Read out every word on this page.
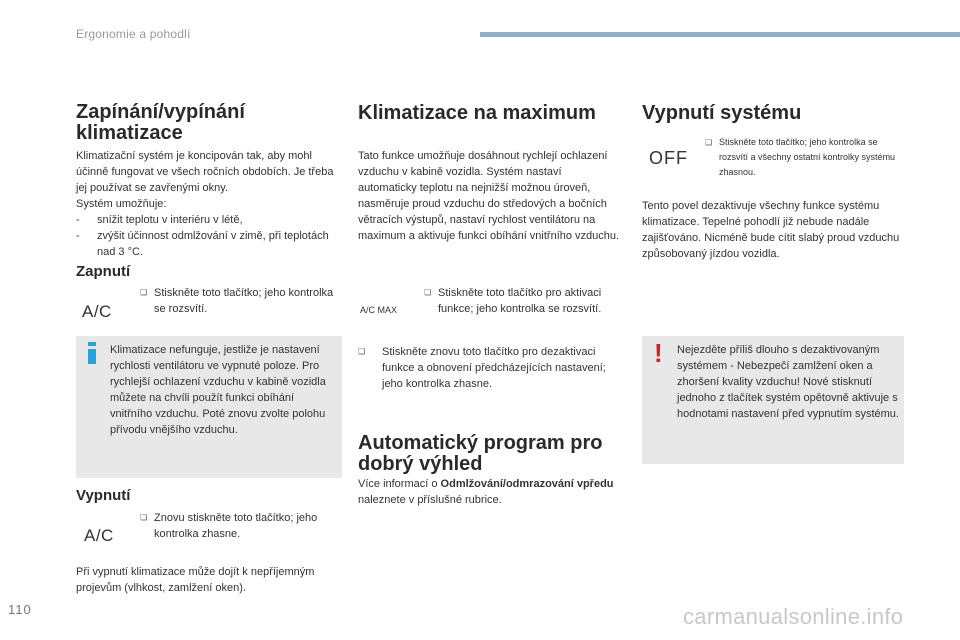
Ergonomie a pohodlí
Zapínání/vypínání klimatizace

Klimatizační systém je koncipován tak, aby mohl účinně fungovat ve všech ročních obdobích. Je třeba jej používat se zavřenými okny.

Systém umožňuje:

-	snížit teplotu v interiéru v létě,
-	zvýšit účinnost odmlžování v zimě, při teplotách nad 3 °C.
Zapnutí
A/C
❏ Stiskněte toto tlačítko; jeho kontrolka se rozsvítí.

Klimatizace nefunguje, jestliže je nastavení rychlosti ventilátoru ve vypnuté poloze. Pro rychlejší ochlazení vzduchu v kabině vozidla můžete na chvíli použít funkci obíhání vnitřního vzduchu. Poté znovu zvolte polohu přívodu vnějšího vzduchu.

Vypnutí
A/C
❏ Znovu stiskněte toto tlačítko; jeho kontrolka zhasne.

Při vypnutí klimatizace může dojít k nepříjemným projevům (vlhkost, zamlžení oken).

Klimatizace na maximum

Tato funkce umožňuje dosáhnout rychlejí ochlazení vzduchu v kabině vozidla. Systém nastaví automaticky teplotu na nejnižší možnou úroveň, nasměruje proud vzduchu do středových a bočních větracích výstupů, nastaví rychlost ventilátoru na maximum a aktivuje funkci obíhání vnitřního vzduchu.

A/C MAX
❏ Stiskněte toto tlačítko pro aktivaci funkce; jeho kontrolka se rozsvítí.
❏	Stiskněte znovu toto tlačítko pro dezaktivaci funkce a obnovení předcházejících nastavení; jeho kontrolka zhasne.
Automatický program pro dobrý výhled

Více informací o Odmlžování/odmrazování vpředu naleznete v příslušné rubrice.

Vypnutí systému
OFF
❏ Stiskněte toto tlačítko; jeho kontrolka se rozsvítí a všechny ostatní kontrolky systému zhasnou.

Tento povel dezaktivuje všechny funkce systému klimatizace. Tepelné pohodlí již nebude nadále zajišťováno. Nicméně bude cítit slabý proud vzduchu způsobovaný jízdou vozidla.

! Nejezděte příliš dlouho s dezaktivovaným systémem - Nebezpečí zamlžení oken a zhoršení kvality vzduchu! Nové stisknutí jednoho z tlačítek systém opětovně aktivuje s hodnotami nastavení před vypnutím systému.

110	carmanualsonline.info
